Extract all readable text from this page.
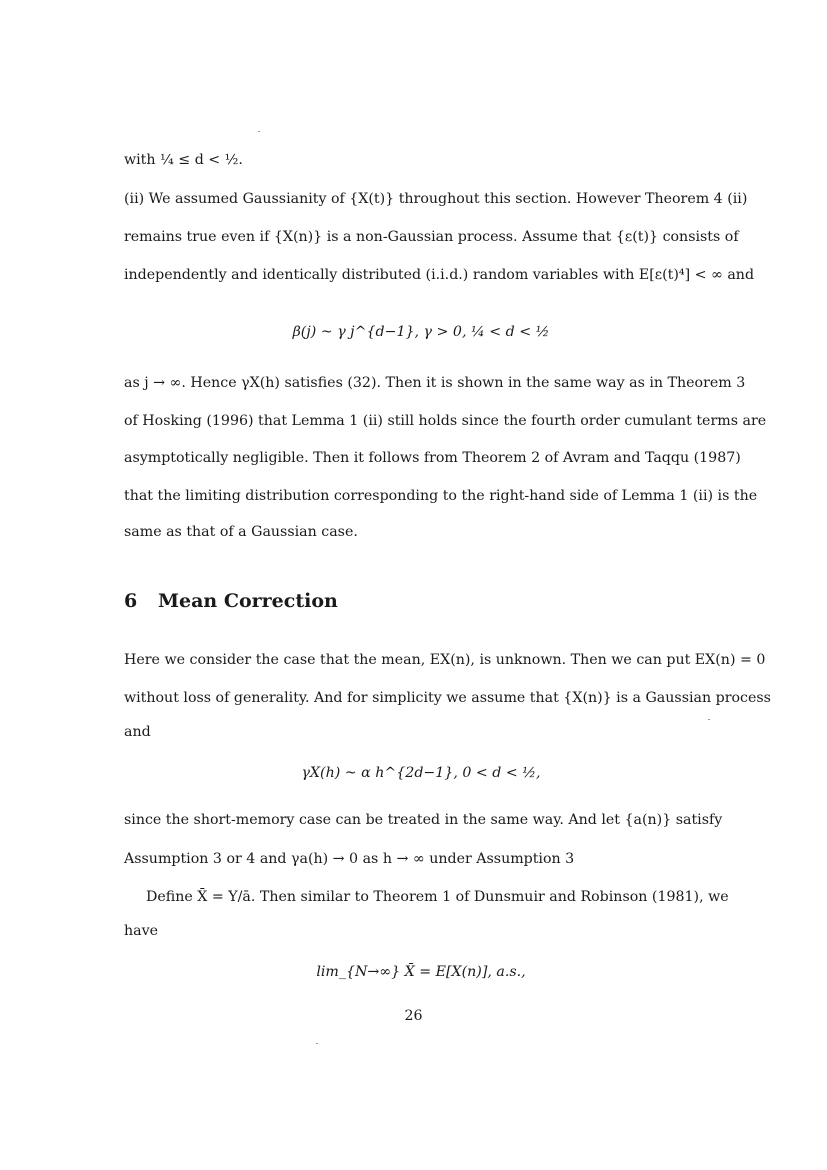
with ¼ ≤ d < ½.
(ii) We assumed Gaussianity of {X(t)} throughout this section. However Theorem 4 (ii)
remains true even if {X(n)} is a non-Gaussian process. Assume that {ε(t)} consists of
independently and identically distributed (i.i.d.) random variables with E[ε(t)⁴] < ∞ and
β(j) ~ γ j^{d−1}, γ > 0, ¼ < d < ½
as j → ∞. Hence γX(h) satisfies (32). Then it is shown in the same way as in Theorem 3
of Hosking (1996) that Lemma 1 (ii) still holds since the fourth order cumulant terms are
asymptotically negligible. Then it follows from Theorem 2 of Avram and Taqqu (1987)
that the limiting distribution corresponding to the right-hand side of Lemma 1 (ii) is the
same as that of a Gaussian case.
6 Mean Correction
Here we consider the case that the mean, EX(n), is unknown. Then we can put EX(n) = 0
without loss of generality. And for simplicity we assume that {X(n)} is a Gaussian process
and
γX(h) ~ α h^{2d−1}, 0 < d < ½,
since the short-memory case can be treated in the same way. And let {a(n)} satisfy
Assumption 3 or 4 and γa(h) → 0 as h → ∞ under Assumption 3
Define X̄ = Y/ā. Then similar to Theorem 1 of Dunsmuir and Robinson (1981), we
have
lim_{N→∞} X̄ = E[X(n)], a.s.,
26
